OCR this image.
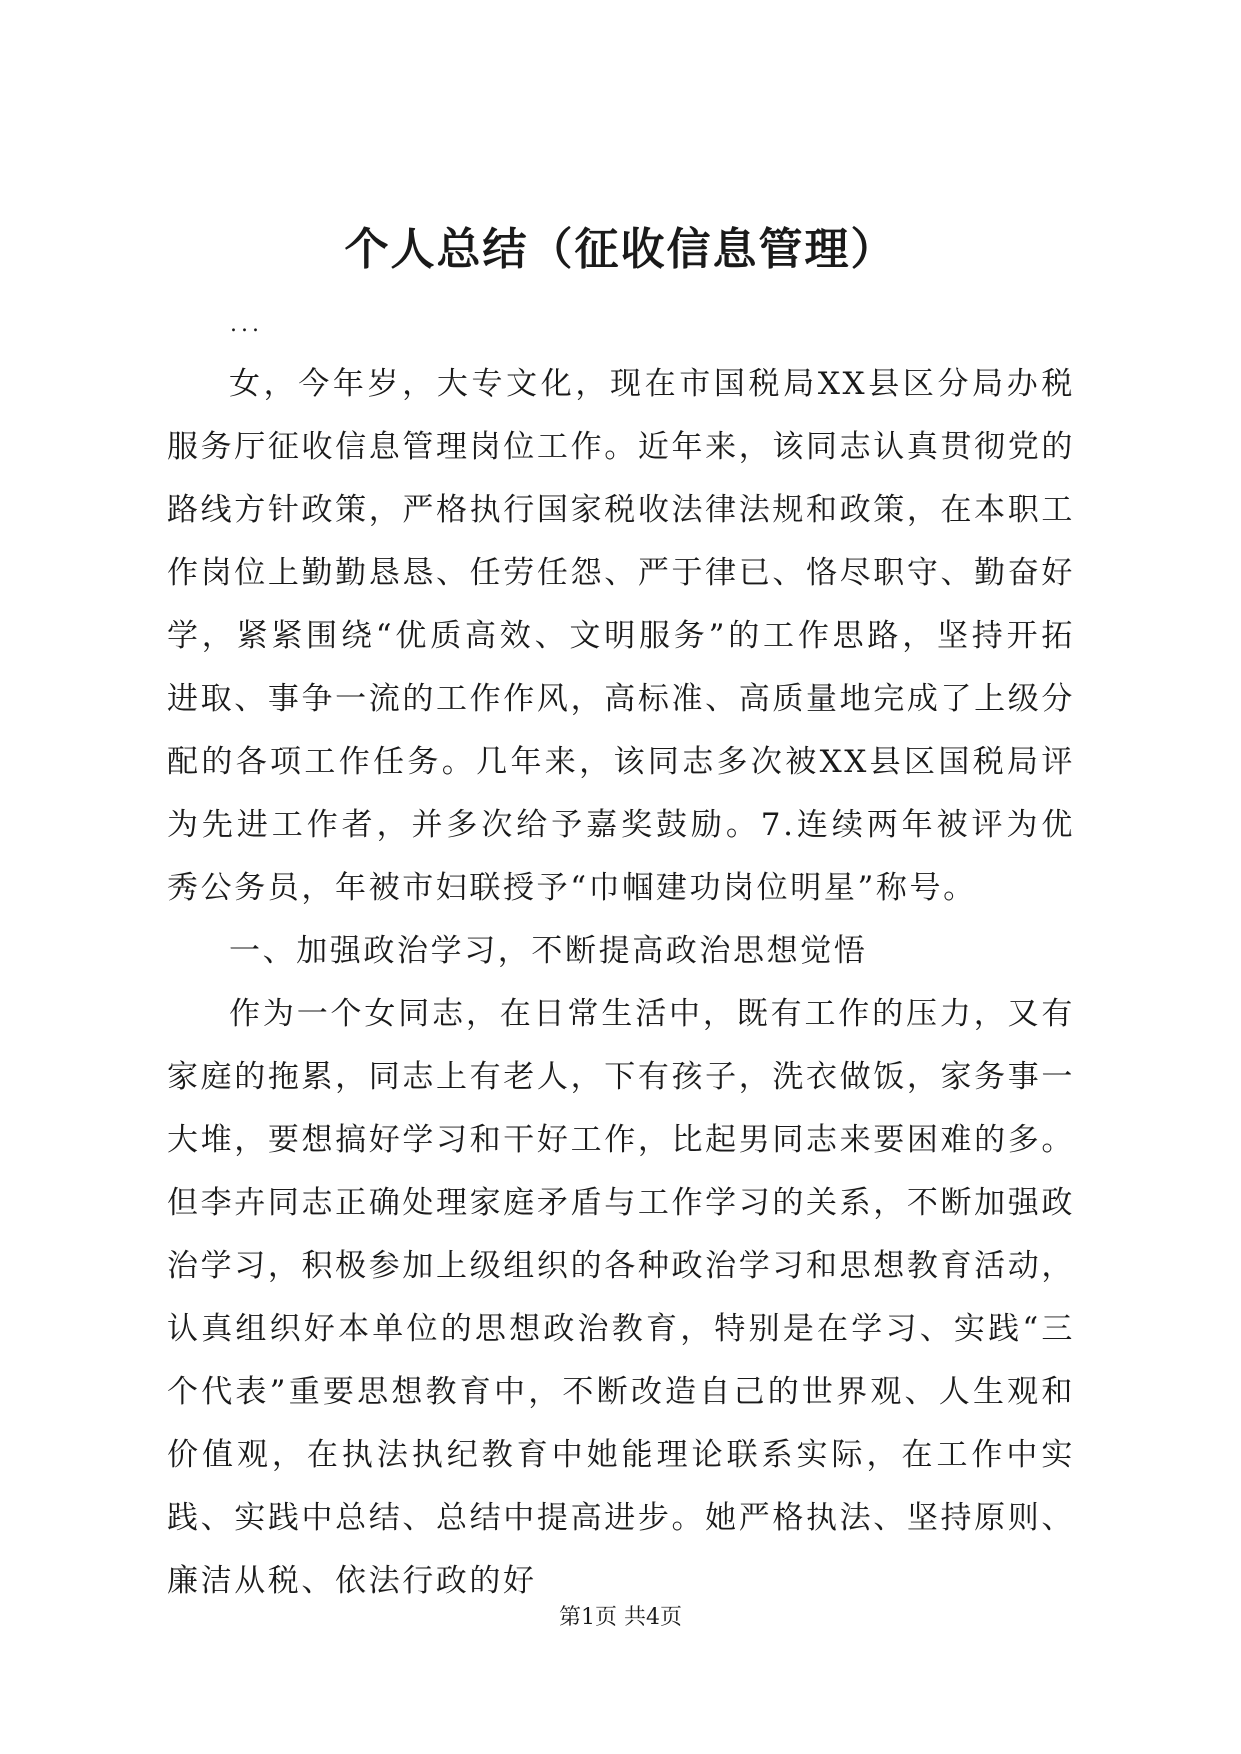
个人总结（征收信息管理）
...

女，今年岁，大专文化，现在市国税局XX县区分局办税服务厅征收信息管理岗位工作。近年来，该同志认真贯彻党的路线方针政策，严格执行国家税收法律法规和政策，在本职工作岗位上勤勤恳恳、任劳任怨、严于律已、恪尽职守、勤奋好学，紧紧围绕“优质高效、文明服务”的工作思路，坚持开拓进取、事争一流的工作作风，高标准、高质量地完成了上级分配的各项工作任务。几年来，该同志多次被XX县区国税局评为先进工作者，并多次给予嘉奖鼓励。7.连续两年被评为优秀公务员，年被市妇联授予“巾帼建功岗位明星”称号。

一、加强政治学习，不断提高政治思想觉悟

作为一个女同志，在日常生活中，既有工作的压力，又有家庭的拖累，同志上有老人，下有孩子，洗衣做饭，家务事一大堆，要想搞好学习和干好工作，比起男同志来要困难的多。但李卉同志正确处理家庭矛盾与工作学习的关系，不断加强政治学习，积极参加上级组织的各种政治学习和思想教育活动，认真组织好本单位的思想政治教育，特别是在学习、实践“三个代表”重要思想教育中，不断改造自己的世界观、人生观和价值观，在执法执纪教育中她能理论联系实际，在工作中实践、实践中总结、总结中提高进步。她严格执法、坚持原则、廉洁从税、依法行政的好

第1页 共4页
